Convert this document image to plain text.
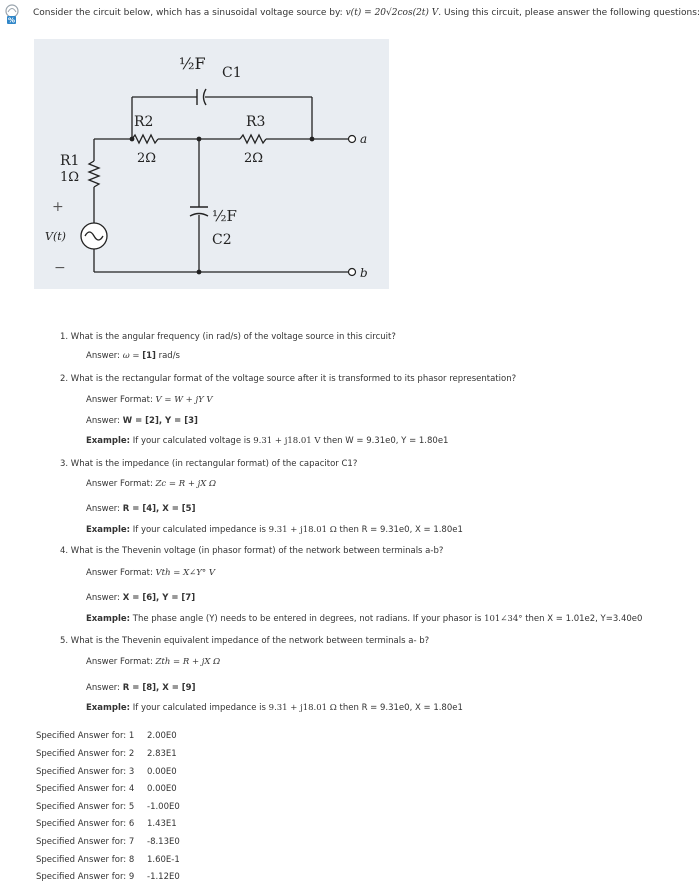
%
Consider the circuit below, which has a sinusoidal voltage source by: v(t) = 20√2cos(2t) V. Using this circuit, please answer the following questions:
½F C1
R2
2Ω
R3
2Ω
R1
1Ω
+
−
V(t)
½F
C2
a
b
1. What is the angular frequency (in rad/s) of the voltage source in this circuit?
Answer: ω = [1] rad/s
2. What is the rectangular format of the voltage source after it is transformed to its phasor representation?
Answer Format: V = W + jY V
Answer: W = [2], Y = [3]
Example: If your calculated voltage is 9.31 + j18.01 V then W = 9.31e0, Y = 1.80e1
3. What is the impedance (in rectangular format) of the capacitor C1?
Answer Format: Zc = R + jX Ω
Answer: R = [4], X = [5]
Example: If your calculated impedance is 9.31 + j18.01 Ω then R = 9.31e0, X = 1.80e1
4. What is the Thevenin voltage (in phasor format) of the network between terminals a-b?
Answer Format: Vth = X∠Y° V
Answer: X = [6], Y = [7]
Example: The phase angle (Y) needs to be entered in degrees, not radians. If your phasor is 101∠34° then X = 1.01e2, Y=3.40e0
5. What is the Thevenin equivalent impedance of the network between terminals a- b?
Answer Format: Zth = R + jX Ω
Answer: R = [8], X = [9]
Example: If your calculated impedance is 9.31 + j18.01 Ω then R = 9.31e0, X = 1.80e1
Specified Answer for: 1 2.00E0
Specified Answer for: 2 2.83E1
Specified Answer for: 3 0.00E0
Specified Answer for: 4 0.00E0
Specified Answer for: 5 -1.00E0
Specified Answer for: 6 1.43E1
Specified Answer for: 7 -8.13E0
Specified Answer for: 8 1.60E-1
Specified Answer for: 9 -1.12E0
